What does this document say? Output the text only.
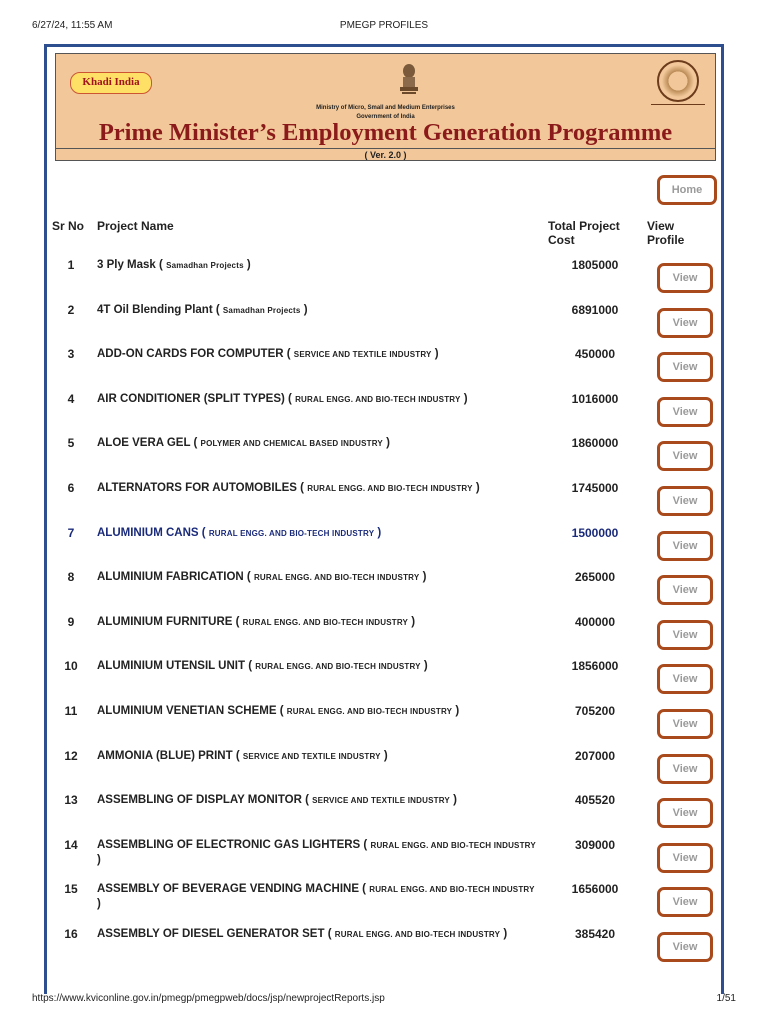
6/27/24, 11:55 AM	PMEGP PROFILES
Khadi India
Ministry of Micro, Small and Medium Enterprises
Government of India
Prime Minister’s Employment Generation Programme
( Ver. 2.0 )
Home
Sr No Project Name	Total Project
Cost
View
Profile
1	3 Ply Mask ( Samadhan Projects )	1805000
View
2	4T Oil Blending Plant ( Samadhan Projects )	6891000
View
3	ADD-ON CARDS FOR COMPUTER ( SERVICE AND TEXTILE INDUSTRY )	450000
View
4	AIR CONDITIONER (SPLIT TYPES) ( RURAL ENGG. AND BIO-TECH INDUSTRY )	1016000
View
5	ALOE VERA GEL ( POLYMER AND CHEMICAL BASED INDUSTRY )	1860000
View
6	ALTERNATORS FOR AUTOMOBILES ( RURAL ENGG. AND BIO-TECH INDUSTRY )	1745000
View
7	ALUMINIUM CANS ( RURAL ENGG. AND BIO-TECH INDUSTRY )	1500000
View
8	ALUMINIUM FABRICATION ( RURAL ENGG. AND BIO-TECH INDUSTRY )	265000
View
9	ALUMINIUM FURNITURE ( RURAL ENGG. AND BIO-TECH INDUSTRY )	400000
View
10	ALUMINIUM UTENSIL UNIT ( RURAL ENGG. AND BIO-TECH INDUSTRY )	1856000
View
11	ALUMINIUM VENETIAN SCHEME ( RURAL ENGG. AND BIO-TECH INDUSTRY )	705200
View
12	AMMONIA (BLUE) PRINT ( SERVICE AND TEXTILE INDUSTRY )	207000
View
13	ASSEMBLING OF DISPLAY MONITOR ( SERVICE AND TEXTILE INDUSTRY )	405520
View
14	ASSEMBLING OF ELECTRONIC GAS LIGHTERS ( RURAL ENGG. AND BIO-TECH INDUSTRY )
309000
View
15	ASSEMBLY OF BEVERAGE VENDING MACHINE ( RURAL ENGG. AND BIO-TECH INDUSTRY )
1656000
View
16	ASSEMBLY OF DIESEL GENERATOR SET ( RURAL ENGG. AND BIO-TECH INDUSTRY )	385420
View
https://www.kviconline.gov.in/pmegp/pmegpweb/docs/jsp/newprojectReports.jsp	1/51
